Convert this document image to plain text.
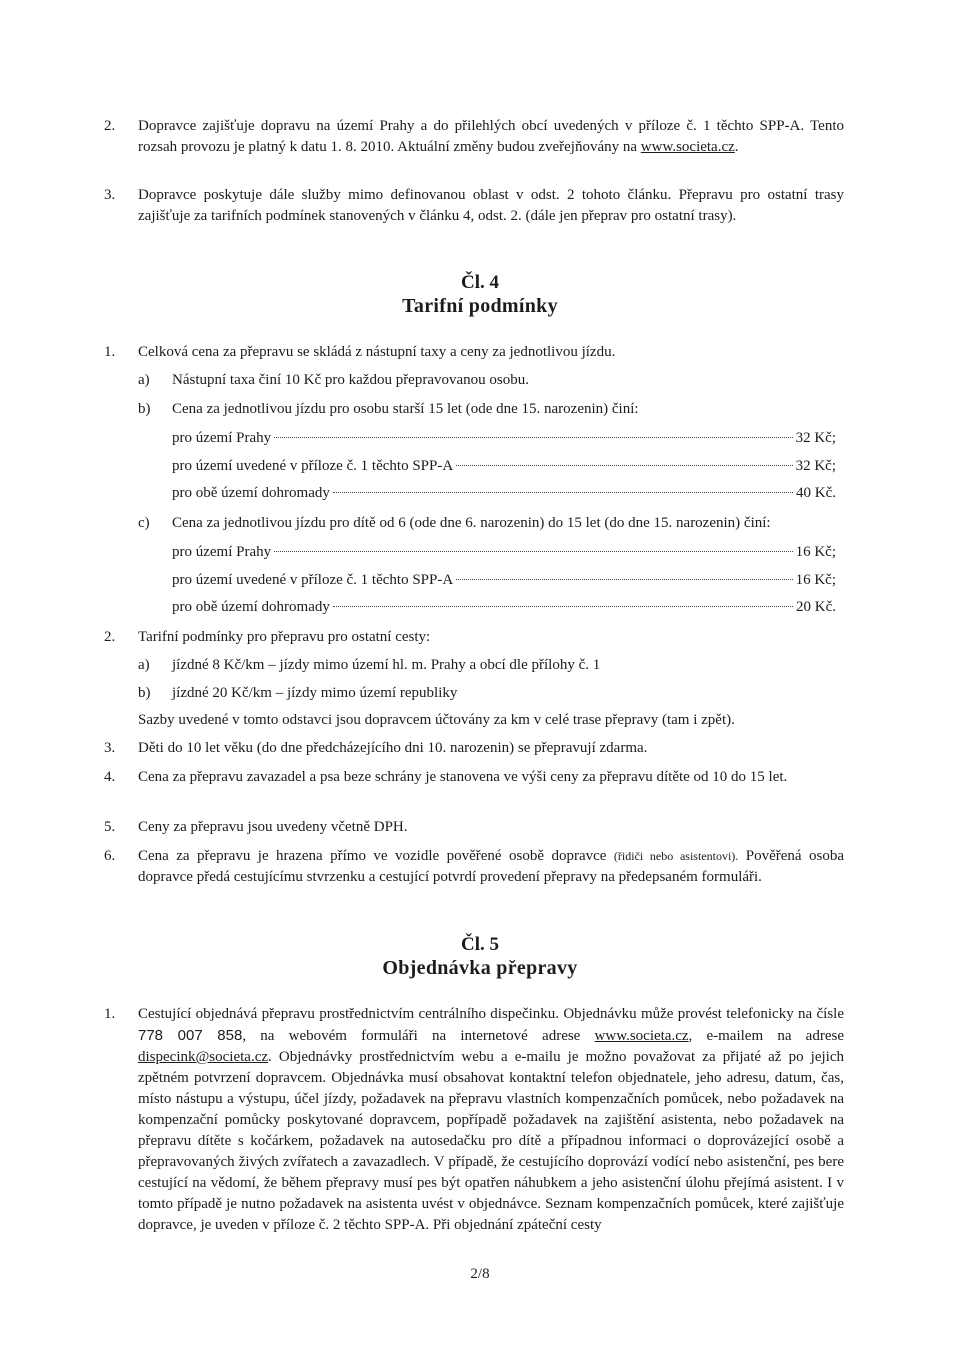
2.	Dopravce zajišťuje dopravu na území Prahy a do přilehlých obcí uvedených v příloze č. 1 těchto SPP-A. Tento rozsah provozu je platný k datu 1. 8. 2010. Aktuální změny budou zveřejňovány na www.societa.cz.
3.	Dopravce poskytuje dále služby mimo definovanou oblast v odst. 2 tohoto článku. Přepravu pro ostatní trasy zajišťuje za tarifních podmínek stanovených v článku 4, odst. 2. (dále jen přeprav pro ostatní trasy).
Čl. 4
Tarifní podmínky
1.	Celková cena za přepravu se skládá z nástupní taxy a ceny za jednotlivou jízdu.
a)	Nástupní taxa činí 10 Kč pro každou přepravovanou osobu.
b)	Cena za jednotlivou jízdu pro osobu starší 15 let (ode dne 15. narozenin) činí:
pro území Prahy	32 Kč;
pro území uvedené v příloze č. 1 těchto SPP-A	32 Kč;
pro obě území dohromady	40 Kč.
c)	Cena za jednotlivou jízdu pro dítě od 6 (ode dne 6. narozenin) do 15 let (do dne 15. narozenin) činí:
pro území Prahy	16 Kč;
pro území uvedené v příloze č. 1 těchto SPP-A	16 Kč;
pro obě území dohromady	20 Kč.
2.	Tarifní podmínky pro přepravu pro ostatní cesty:
a)	jízdné 8 Kč/km – jízdy mimo území hl. m. Prahy a obcí dle přílohy č. 1
b)	jízdné 20 Kč/km – jízdy mimo území republiky
Sazby uvedené v tomto odstavci jsou dopravcem účtovány za km v celé trase přepravy (tam i zpět).
3.	Děti do 10 let věku (do dne předcházejícího dni 10. narozenin) se přepravují zdarma.
4.	Cena za přepravu zavazadel a psa beze schrány je stanovena ve výši ceny za přepravu dítěte od 10 do 15 let.
5.	Ceny za přepravu jsou uvedeny včetně DPH.
6.	Cena za přepravu je hrazena přímo ve vozidle pověřené osobě dopravce (řidiči nebo asistentovi). Pověřená osoba dopravce předá cestujícímu stvrzenku a cestující potvrdí provedení přepravy na předepsaném formuláři.
Čl. 5
Objednávka přepravy
1.	Cestující objednává přepravu prostřednictvím centrálního dispečinku. Objednávku může provést telefonicky na čísle 778 007 858, na webovém formuláři na internetové adrese www.societa.cz, e-mailem na adrese dispecink@societa.cz. Objednávky prostřednictvím webu a e-mailu je možno považovat za přijaté až po jejich zpětném potvrzení dopravcem. Objednávka musí obsahovat kontaktní telefon objednatele, jeho adresu, datum, čas, místo nástupu a výstupu, účel jízdy, požadavek na přepravu vlastních kompenzačních pomůcek, nebo požadavek na kompenzační pomůcky poskytované dopravcem, popřípadě požadavek na zajištění asistenta, nebo požadavek na přepravu dítěte s kočárkem, požadavek na autosedačku pro dítě a případnou informaci o doprovázející osobě a přepravovaných živých zvířatech a zavazadlech. V případě, že cestujícího doprovází vodící nebo asistenční, pes bere cestující na vědomí, že během přepravy musí pes být opatřen náhubkem a jeho asistenční úlohu přejímá asistent. I v tomto případě je nutno požadavek na asistenta uvést v objednávce. Seznam kompenzačních pomůcek, které zajišťuje dopravce, je uveden v příloze č. 2 těchto SPP-A. Při objednání zpáteční cesty
2/8
